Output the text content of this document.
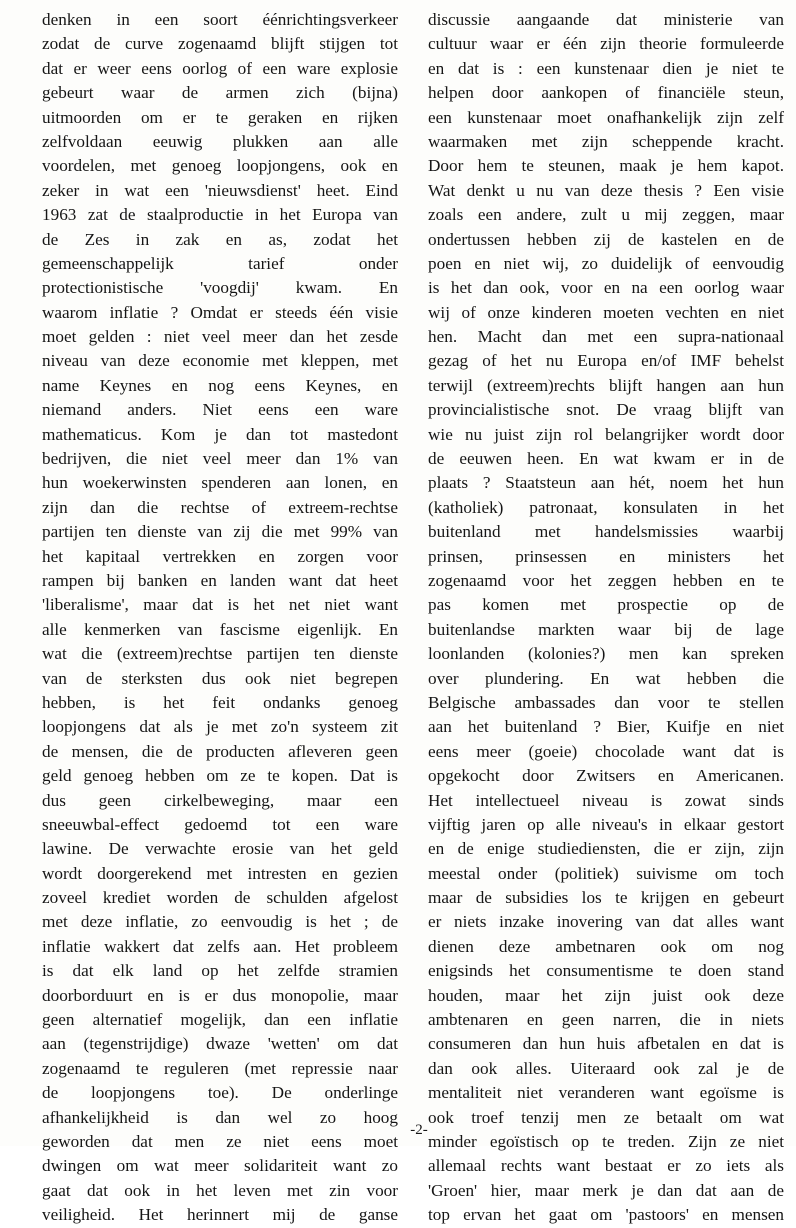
denken in een soort éénrichtingsverkeer
zodat de curve zogenaamd blijft stijgen tot
dat er weer eens oorlog of een ware explosie
gebeurt waar de armen zich (bijna)
uitmoorden om er te geraken en rijken
zelfvoldaan eeuwig plukken aan alle
voordelen, met genoeg loopjongens, ook en
zeker in wat een 'nieuwsdienst' heet. Eind
1963 zat de staalproductie in het Europa van
de Zes in zak en as, zodat het
gemeenschappelijk tarief onder
protectionistische 'voogdij' kwam. En
waarom inflatie ? Omdat er steeds één visie
moet gelden : niet veel meer dan het zesde
niveau van deze economie met kleppen, met
name Keynes en nog eens Keynes, en
niemand anders. Niet eens een ware
mathematicus. Kom je dan tot mastedont
bedrijven, die niet veel meer dan 1% van
hun woekerwinsten spenderen aan lonen, en
zijn dan die rechtse of extreem-rechtse
partijen ten dienste van zij die met 99% van
het kapitaal vertrekken en zorgen voor
rampen bij banken en landen want dat heet
'liberalisme', maar dat is het net niet want
alle kenmerken van fascisme eigenlijk. En
wat die (extreem)rechtse partijen ten dienste
van de sterksten dus ook niet begrepen
hebben, is het feit ondanks genoeg
loopjongens dat als je met zo'n systeem zit
de mensen, die de producten afleveren geen
geld genoeg hebben om ze te kopen. Dat is
dus geen cirkelbeweging, maar een
sneeuwbal-effect gedoemd tot een ware
lawine. De verwachte erosie van het geld
wordt doorgerekend met intresten en gezien
zoveel krediet worden de schulden afgelost
met deze inflatie, zo eenvoudig is het ; de
inflatie wakkert dat zelfs aan. Het probleem
is dat elk land op het zelfde stramien
doorborduurt en is er dus monopolie, maar
geen alternatief mogelijk, dan een inflatie
aan (tegenstrijdige) dwaze 'wetten' om dat
zogenaamd te reguleren (met repressie naar
de loopjongens toe). De onderlinge
afhankelijkheid is dan wel zo hoog
geworden dat men ze niet eens moet
dwingen om wat meer solidariteit want zo
gaat dat ook in het leven met zin voor
veiligheid. Het herinnert mij de ganse
discussie aangaande dat ministerie van
cultuur waar er één zijn theorie formuleerde
en dat is : een kunstenaar dien je niet te
helpen door aankopen of financiële steun,
een kunstenaar moet onafhankelijk zijn zelf
waarmaken met zijn scheppende kracht.
Door hem te steunen, maak je hem kapot.
Wat denkt u nu van deze thesis ? Een visie
zoals een andere, zult u mij zeggen, maar
ondertussen hebben zij de kastelen en de
poen en niet wij, zo duidelijk of eenvoudig
is het dan ook, voor en na een oorlog waar
wij of onze kinderen moeten vechten en niet
hen. Macht dan met een supra-nationaal
gezag of het nu Europa en/of IMF behelst
terwijl (extreem)rechts blijft hangen aan hun
provincialistische snot. De vraag blijft van
wie nu juist zijn rol belangrijker wordt door
de eeuwen heen. En wat kwam er in de
plaats ? Staatsteun aan hét, noem het hun
(katholiek) patronaat, konsulaten in het
buitenland met handelsmissies waarbij
prinsen, prinsessen en ministers het
zogenaamd voor het zeggen hebben en te
pas komen met prospectie op de
buitenlandse markten waar bij de lage
loonlanden (kolonies?) men kan spreken
over plundering. En wat hebben die
Belgische ambassades dan voor te stellen
aan het buitenland ? Bier, Kuifje en niet
eens meer (goeie) chocolade want dat is
opgekocht door Zwitsers en Americanen.
Het intellectueel niveau is zowat sinds
vijftig jaren op alle niveau's in elkaar gestort
en de enige studiediensten, die er zijn, zijn
meestal onder (politiek) suivisme om toch
maar de subsidies los te krijgen en gebeurt
er niets inzake inovering van dat alles want
dienen deze ambetnaren ook om nog
enigsinds het consumentisme te doen stand
houden, maar het zijn juist ook deze
ambtenaren en geen narren, die in niets
consumeren dan hun huis afbetalen en dat is
dan ook alles. Uiteraard ook zal je de
mentaliteit niet veranderen want egoïsme is
ook troef tenzij men ze betaalt om wat
minder egoïstisch op te treden. Zijn ze niet
allemaal rechts want bestaat er zo iets als
'Groen' hier, maar merk je dan dat aan de
top ervan het gaat om 'pastoors' en mensen
-2-
